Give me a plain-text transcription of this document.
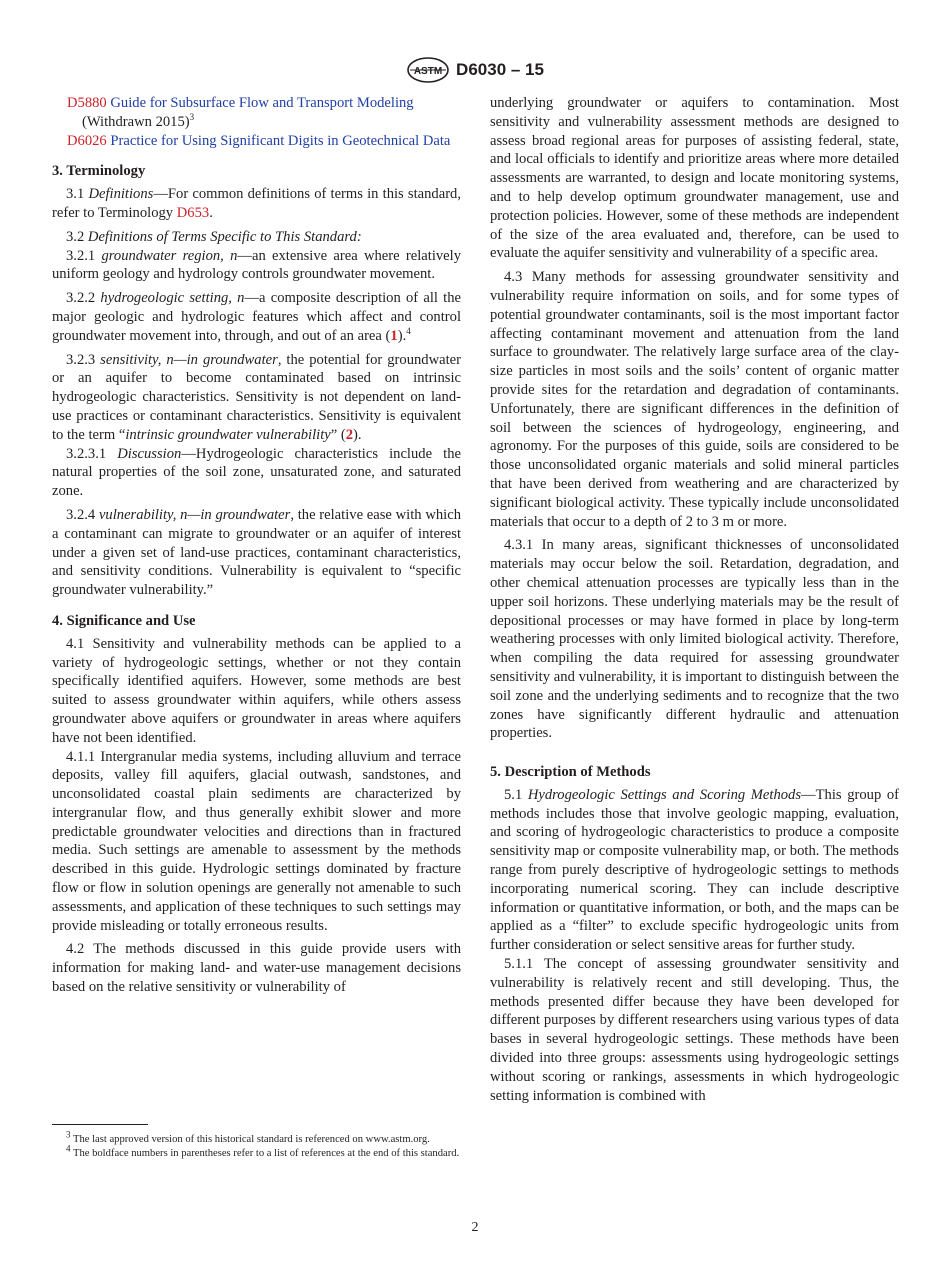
ASTM D6030 – 15

D5880 Guide for Subsurface Flow and Transport Modeling
(Withdrawn 2015)$^3$

D6026 Practice for Using Significant Digits in Geotechnical Data

3. Terminology

3.1 Definitions—For common definitions of terms in this standard, refer to Terminology D653.

3.2 Definitions of Terms Specific to This Standard:

3.2.1 groundwater region, n—an extensive area where relatively uniform geology and hydrology controls groundwater movement.

3.2.2 hydrogeologic setting, n—a composite description of all the major geologic and hydrologic features which affect and control groundwater movement into, through, and out of an area (1).$^4$

3.2.3 sensitivity, n—in groundwater, the potential for groundwater or an aquifer to become contaminated based on intrinsic hydrogeologic characteristics. Sensitivity is not dependent on land-use practices or contaminant characteristics. Sensitivity is equivalent to the term “intrinsic groundwater vulnerability” (2).

3.2.3.1 Discussion—Hydrogeologic characteristics include the natural properties of the soil zone, unsaturated zone, and saturated zone.

3.2.4 vulnerability, n—in groundwater, the relative ease with which a contaminant can migrate to groundwater or an aquifer of interest under a given set of land-use practices, contaminant characteristics, and sensitivity conditions. Vulnerability is equivalent to “specific groundwater vulnerability.”

4. Significance and Use

4.1 Sensitivity and vulnerability methods can be applied to a variety of hydrogeologic settings, whether or not they contain specifically identified aquifers. However, some methods are best suited to assess groundwater within aquifers, while others assess groundwater above aquifers or groundwater in areas where aquifers have not been identified.

4.1.1 Intergranular media systems, including alluvium and terrace deposits, valley fill aquifers, glacial outwash, sandstones, and unconsolidated coastal plain sediments are characterized by intergranular flow, and thus generally exhibit slower and more predictable groundwater velocities and directions than in fractured media. Such settings are amenable to assessment by the methods described in this guide. Hydrologic settings dominated by fracture flow or flow in solution openings are generally not amenable to such assessments, and application of these techniques to such settings may provide misleading or totally erroneous results.

4.2 The methods discussed in this guide provide users with information for making land- and water-use management decisions based on the relative sensitivity or vulnerability of

underlying groundwater or aquifers to contamination. Most sensitivity and vulnerability assessment methods are designed to assess broad regional areas for purposes of assisting federal, state, and local officials to identify and prioritize areas where more detailed assessments are warranted, to design and locate monitoring systems, and to help develop optimum groundwater management, use and protection policies. However, some of these methods are independent of the size of the area evaluated and, therefore, can be used to evaluate the aquifer sensitivity and vulnerability of a specific area.

4.3 Many methods for assessing groundwater sensitivity and vulnerability require information on soils, and for some types of potential groundwater contaminants, soil is the most important factor affecting contaminant movement and attenuation from the land surface to groundwater. The relatively large surface area of the clay-size particles in most soils and the soils’ content of organic matter provide sites for the retardation and degradation of contaminants. Unfortunately, there are significant differences in the definition of soil between the sciences of hydrogeology, engineering, and agronomy. For the purposes of this guide, soils are considered to be those unconsolidated organic materials and solid mineral particles that have been derived from weathering and are characterized by significant biological activity. These typically include unconsolidated materials that occur to a depth of 2 to 3 m or more.

4.3.1 In many areas, significant thicknesses of unconsolidated materials may occur below the soil. Retardation, degradation, and other chemical attenuation processes are typically less than in the upper soil horizons. These underlying materials may be the result of depositional processes or may have formed in place by long-term weathering processes with only limited biological activity. Therefore, when compiling the data required for assessing groundwater sensitivity and vulnerability, it is important to distinguish between the soil zone and the underlying sediments and to recognize that the two zones have significantly different hydraulic and attenuation properties.

5. Description of Methods

5.1 Hydrogeologic Settings and Scoring Methods—This group of methods includes those that involve geologic mapping, evaluation, and scoring of hydrogeologic characteristics to produce a composite sensitivity map or composite vulnerability map, or both. The methods range from purely descriptive of hydrogeologic settings to methods incorporating numerical scoring. They can include descriptive information or quantitative information, or both, and the maps can be applied as a “filter” to exclude specific hydrogeologic units from further consideration or select sensitive areas for further study.

5.1.1 The concept of assessing groundwater sensitivity and vulnerability is relatively recent and still developing. Thus, the methods presented differ because they have been developed for different purposes by different researchers using various types of data bases in several hydrogeologic settings. These methods have been divided into three groups: assessments using hydrogeologic settings without scoring or rankings, assessments in which hydrogeologic setting information is combined with

$^3$ The last approved version of this historical standard is referenced on www.astm.org.

$^4$ The boldface numbers in parentheses refer to a list of references at the end of this standard.

2
